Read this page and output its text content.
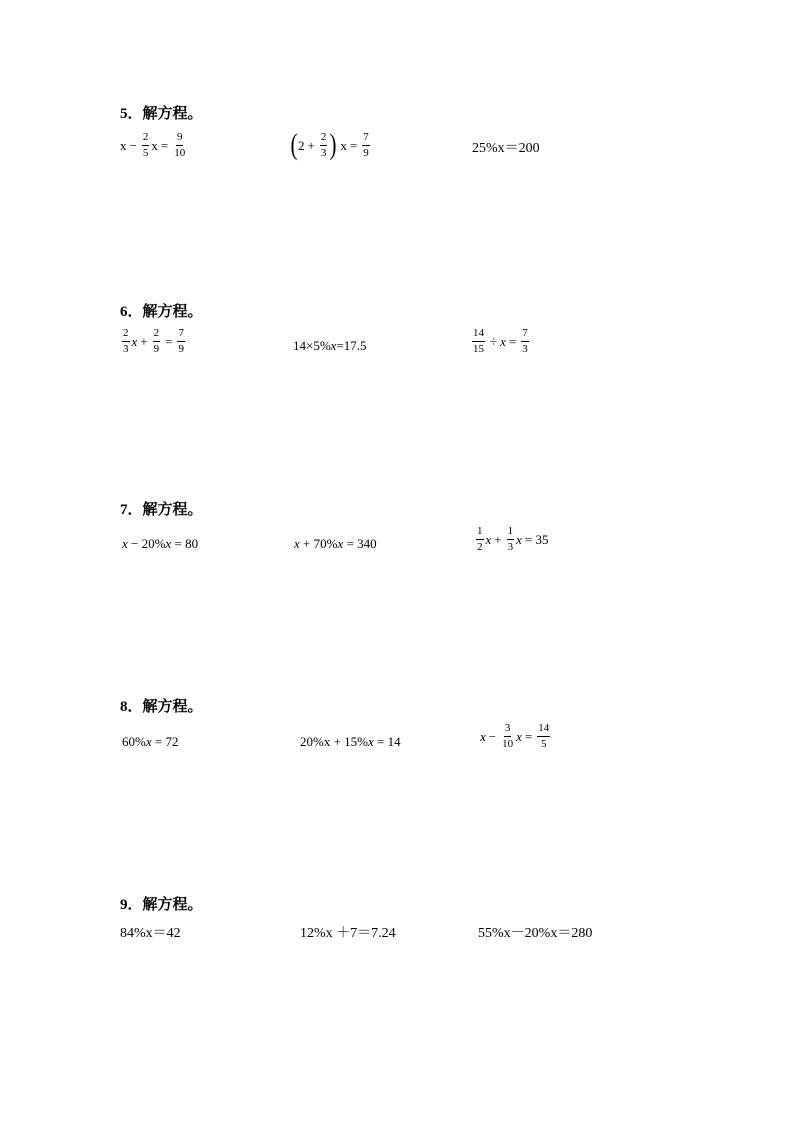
5．解方程。
$x - \frac{2}{5}$ $x = \frac{9}{10}$	( $2 + \frac{2}{3}$ ) $x = \frac{7}{9}$	25%x＝200
6．解方程。
$\frac{2}{3}$ $x + \frac{2}{9} = \frac{7}{9}$	14×5% x =17.5	$\frac{14}{15} \div x = \frac{7}{3}$
7．解方程。
x − 20% x = 80	x + 70% x = 340	$\frac{1}{2}$ $x + \frac{1}{3}$ x = 35
8．解方程。
60% x = 72	20%x + 15% x = 14	$x - \frac{3}{10}$ $x = \frac{14}{5}$
9．解方程。
84%x＝42	12%x ＋7＝7.24	55%x－20%x＝280
